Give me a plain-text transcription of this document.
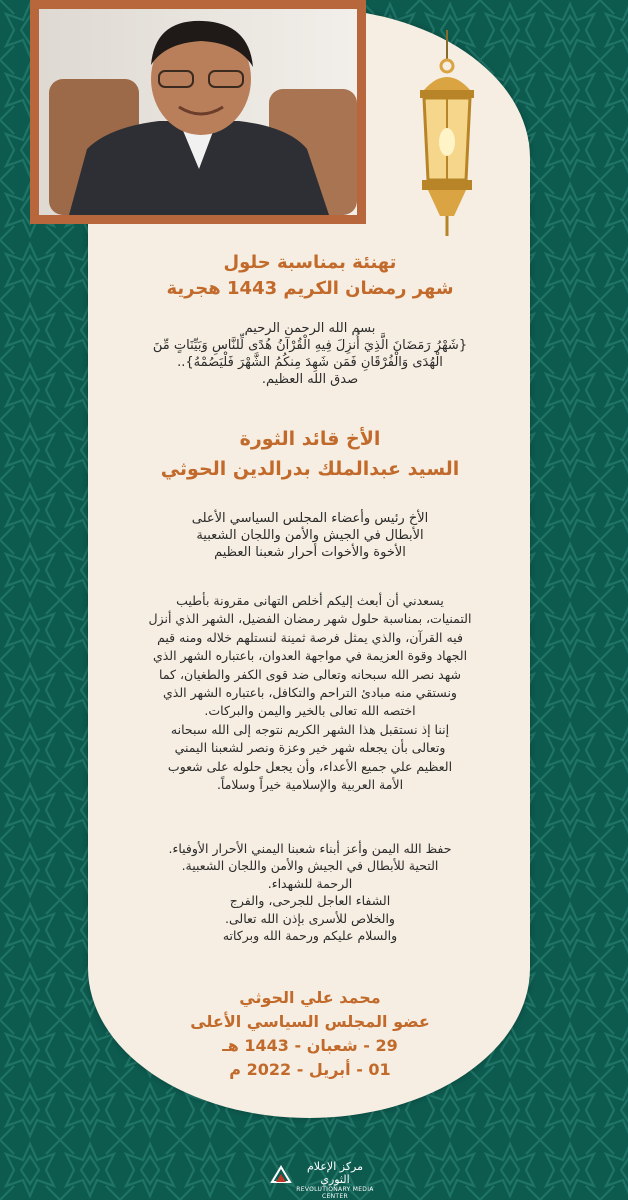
تهنئة بمناسبة حلول
شهر رمضان الكريم 1443 هجرية
بسم الله الرحمن الرحيم
{شَهْرُ رَمَضَانَ الَّذِيَ أُنزِلَ فِيهِ الْقُرْآنُ هُدًى لِّلنَّاسِ وَبَيِّنَاتٍ مِّنَ
الْهُدَى وَالْفُرْقَانِ فَمَن شَهِدَ مِنكُمُ الشَّهْرَ فَلْيَصُمْهُ}..
صدق الله العظيم.
الأخ قائد الثورة
السيد عبدالملك بدرالدين الحوثي
الأخ رئيس وأعضاء المجلس السياسي الأعلى
الأبطال في الجيش والأمن واللجان الشعبية
الأخوة والأخوات أحرار شعبنا العظيم
يسعدني أن أبعث إليكم أخلص التهانى مقرونة بأطيب
التمنيات، بمناسبة حلول شهر رمضان الفضيل، الشهر الذي أنزل
فيه القرآن، والذي يمثل فرصة ثمينة لنستلهم خلاله ومنه قيم
الجهاد وقوة العزيمة في مواجهة العدوان، باعتباره الشهر الذي
شهد نصر الله سبحانه وتعالى ضد قوى الكفر والطغيان، كما
ونستقي منه مبادئ التراحم والتكافل، باعتباره الشهر الذي
اختصه الله تعالى بالخير واليمن والبركات.
إننا إذ نستقبل هذا الشهر الكريم نتوجه إلى الله سبحانه
وتعالى بأن يجعله شهر خير وعزة ونصر لشعبنا اليمني
العظيم علي جميع الأعداء، وأن يجعل حلوله على شعوب
الأمة العربية والإسلامية خيراً وسلاماً.
حفظ الله اليمن وأعز أبناء شعبنا اليمني الأحرار الأوفياء.
التحية للأبطال في الجيش والأمن واللجان الشعبية.
الرحمة للشهداء.
الشفاء العاجل للجرحى، والفرج
والخلاص للأسرى بإذن الله تعالى.
والسلام عليكم ورحمة الله وبركاته
محمد علي الحوثي
عضو المجلس السياسي الأعلى
29 - شعبان - 1443 هـ
01 - أبريل - 2022 م
مركز الإعلام الثوري
REVOLUTIONARY MEDIA
CENTER
